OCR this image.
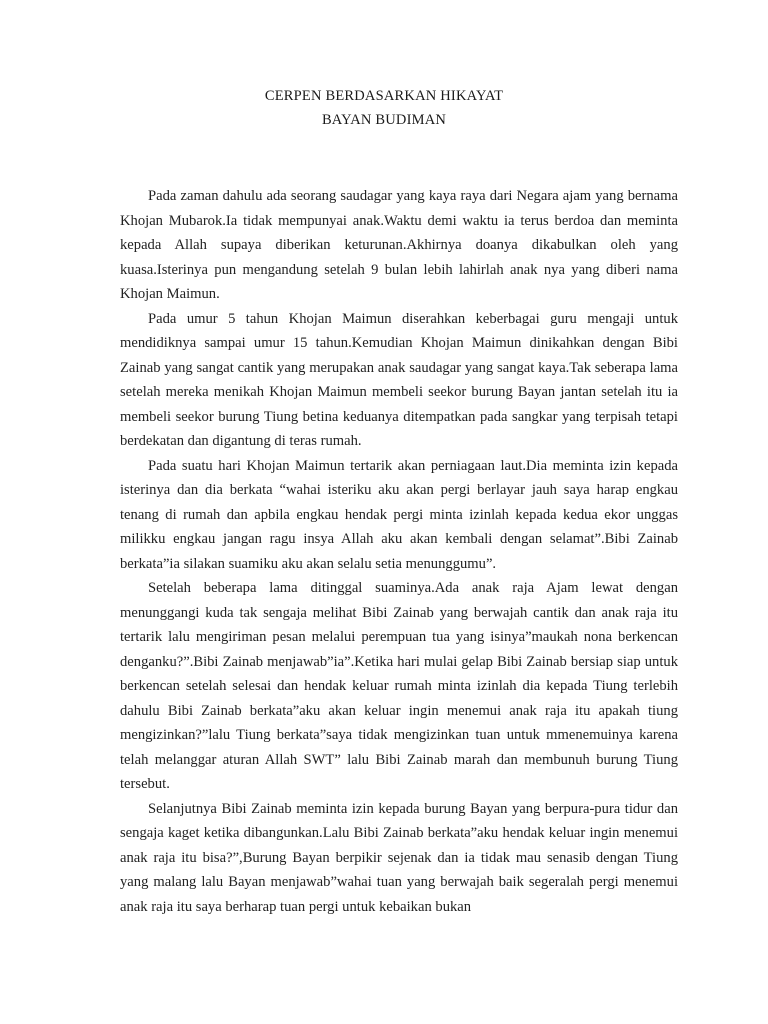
CERPEN BERDASARKAN HIKAYAT
BAYAN BUDIMAN

Pada zaman dahulu ada seorang saudagar yang kaya raya dari Negara ajam yang bernama Khojan Mubarok.Ia tidak mempunyai anak.Waktu demi waktu ia terus berdoa dan meminta kepada Allah supaya diberikan keturunan.Akhirnya doanya dikabulkan oleh yang kuasa.Isterinya pun mengandung setelah 9 bulan lebih lahirlah anak nya yang diberi nama Khojan Maimun.

Pada umur 5 tahun Khojan Maimun diserahkan keberbagai guru mengaji untuk mendidiknya sampai umur 15 tahun.Kemudian Khojan Maimun dinikahkan dengan Bibi Zainab yang sangat cantik yang merupakan anak saudagar yang sangat kaya.Tak seberapa lama setelah mereka menikah Khojan Maimun membeli seekor burung Bayan jantan setelah itu ia membeli seekor burung Tiung betina keduanya ditempatkan pada sangkar yang terpisah tetapi berdekatan dan digantung di teras rumah.

Pada suatu hari Khojan Maimun tertarik akan perniagaan laut.Dia meminta izin kepada isterinya dan dia berkata “wahai isteriku aku akan pergi berlayar jauh saya harap engkau tenang di rumah dan apbila engkau hendak pergi minta izinlah kepada kedua ekor unggas milikku engkau jangan ragu insya Allah aku akan kembali dengan selamat”.Bibi Zainab berkata”ia silakan suamiku aku akan selalu setia menunggumu”.

Setelah beberapa lama ditinggal suaminya.Ada anak raja Ajam lewat dengan menunggangi kuda tak sengaja melihat Bibi Zainab yang berwajah cantik dan anak raja itu tertarik lalu mengiriman pesan melalui perempuan tua yang isinya”maukah nona berkencan denganku?”.Bibi Zainab menjawab”ia”.Ketika hari mulai gelap Bibi Zainab bersiap siap untuk berkencan setelah selesai dan hendak keluar rumah minta izinlah dia kepada Tiung terlebih dahulu Bibi Zainab berkata”aku akan keluar ingin menemui anak raja itu apakah tiung mengizinkan?”lalu Tiung berkata”saya tidak mengizinkan tuan untuk mmenemuinya karena telah melanggar aturan Allah SWT” lalu Bibi Zainab marah dan membunuh burung Tiung tersebut.

Selanjutnya Bibi Zainab meminta izin kepada burung Bayan yang berpura-pura tidur dan sengaja kaget ketika dibangunkan.Lalu Bibi Zainab berkata”aku hendak keluar ingin menemui anak raja itu bisa?”,Burung Bayan berpikir sejenak dan ia tidak mau senasib dengan Tiung yang malang lalu Bayan menjawab”wahai tuan yang berwajah baik segeralah pergi menemui anak raja itu saya berharap tuan pergi untuk kebaikan bukan
